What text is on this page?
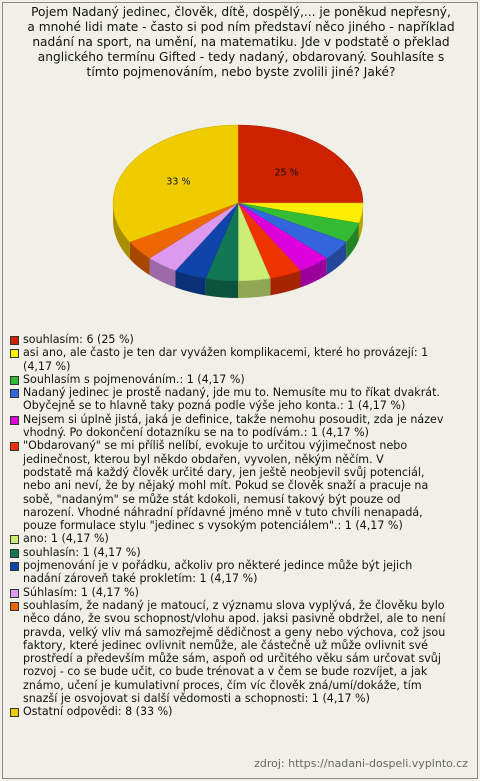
Pojem Nadaný jedinec, člověk, dítě, dospělý,... je poněkud nepřesný,
a mnohé lidi mate - často si pod ním představí něco jiného - například
nadání na sport, na umění, na matematiku. Jde v podstatě o překlad
anglického termínu Gifted - tedy nadaný, obdarovaný. Souhlasíte s
tímto pojmenováním, nebo byste zvolili jiné? Jaké?
25 %
33 %
souhlasím: 6 (25 %)
asi ano, ale často je ten dar vyvážen komplikacemi, které ho provázejí: 1
(4,17 %)
Souhlasím s pojmenováním.: 1 (4,17 %)
Nadaný jedinec je prostě nadaný, jde mu to. Nemusíte mu to říkat dvakrát.
Obyčejně se to hlavně taky pozná podle výše jeho konta.: 1 (4,17 %)
Nejsem si úplně jistá, jaká je definice, takže nemohu posoudit, zda je název
vhodný. Po dokončení dotazníku se na to podívám.: 1 (4,17 %)
"Obdarovaný" se mi příliš nelíbí, evokuje to určitou výjimečnost nebo
jedinečnost, kterou byl někdo obdařen, vyvolen, někým něčím. V
podstatě má každý člověk určité dary, jen ještě neobjevil svůj potenciál,
nebo ani neví, že by nějaký mohl mít. Pokud se člověk snaží a pracuje na
sobě, "nadaným" se může stát kdokoli, nemusí takový být pouze od
narození. Vhodné náhradní přídavné jméno mně v tuto chvíli nenapadá,
pouze formulace stylu "jedinec s vysokým potenciálem".: 1 (4,17 %)
ano: 1 (4,17 %)
souhlasín: 1 (4,17 %)
pojmenování je v pořádku, ačkoliv pro některé jedince může být jejich
nadání zároveň také prokletím: 1 (4,17 %)
Súhlasím: 1 (4,17 %)
souhlasím, že nadaný je matoucí, z významu slova vyplývá, že člověku bylo
něco dáno, že svou schopnost/vlohu apod. jaksi pasivně obdržel, ale to není
pravda, velký vliv má samozřejmě dědičnost a geny nebo výchova, což jsou
faktory, které jedinec ovlivnit nemůže, ale částečně už může ovlivnit své
prostředí a především může sám, aspoň od určitého věku sám určovat svůj
rozvoj - co se bude učit, co bude trénovat a v čem se bude rozvíjet, a jak
známo, učení je kumulativní proces, čím víc člověk zná/umí/dokáže, tím
snazší je osvojovat si další vědomosti a schopnosti: 1 (4,17 %)
Ostatní odpovědi: 8 (33 %)
zdroj: https://nadani-dospeli.vyplnto.cz
